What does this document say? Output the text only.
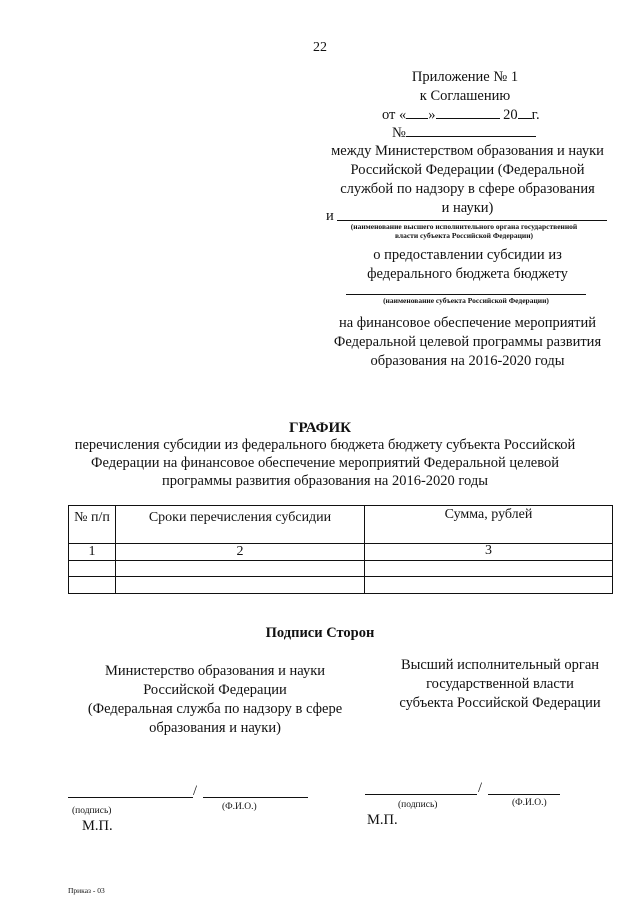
22
Приложение № 1
к Соглашению
от « »	20 г.
№
между Министерством образования и науки
Российской Федерации (Федеральной
службой по надзору в сфере образования
и науки)
и
(наименование высшего исполнительного органа государственной
власти субъекта Российской Федерации)
о предоставлении субсидии из
федерального бюджета бюджету
(наименование субъекта Российской Федерации)
на финансовое обеспечение мероприятий
Федеральной целевой программы развития
образования на 2016-2020 годы
ГРАФИК
перечисления субсидии из федерального бюджета бюджету субъекта Российской
Федерации на финансовое обеспечение мероприятий Федеральной целевой
программы развития образования на 2016-2020 годы
№ п/п	Сроки перечисления субсидии	Сумма, рублей
1	2	3

Подписи Сторон
Министерство образования и науки
Российской Федерации
(Федеральная служба по надзору в сфере
образования и науки)
Высший исполнительный орган
государственной власти
субъекта Российской Федерации
/
(подпись)	(Ф.И.О.)
М.П.
/
(подпись)	(Ф.И.О.)
М.П.
Приказ - 03
